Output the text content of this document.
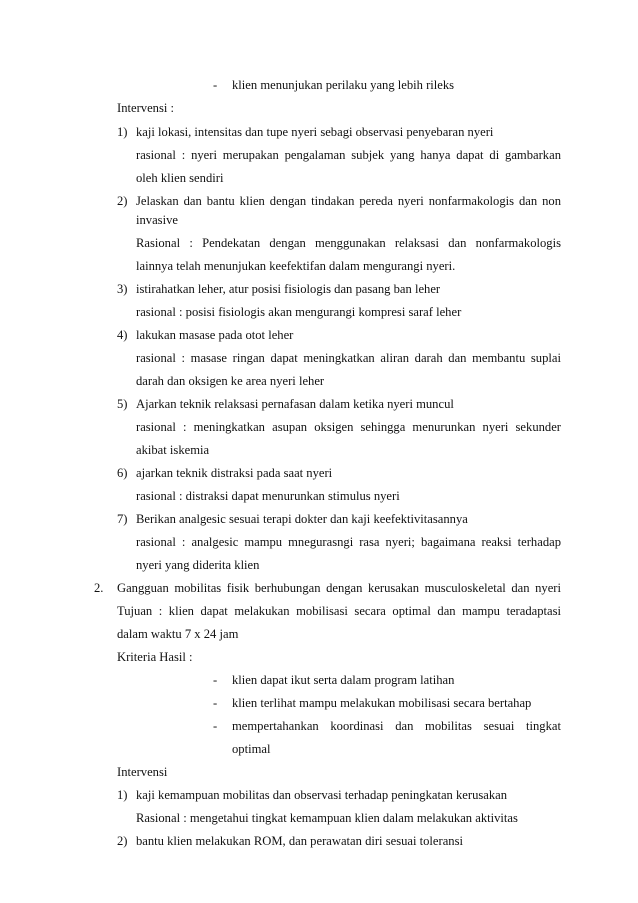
- klien menunjukan perilaku yang lebih rileks
Intervensi :
1) kaji lokasi, intensitas dan tupe nyeri sebagi observasi penyebaran nyeri
rasional : nyeri merupakan pengalaman subjek yang hanya dapat di gambarkan
oleh klien sendiri
2) Jelaskan dan bantu klien dengan tindakan pereda nyeri nonfarmakologis dan non
invasive
Rasional : Pendekatan dengan menggunakan relaksasi dan nonfarmakologis
lainnya telah menunjukan keefektifan dalam mengurangi nyeri.
3) istirahatkan leher, atur posisi fisiologis dan pasang ban leher
rasional : posisi fisiologis akan mengurangi kompresi saraf leher
4) lakukan masase pada otot leher
rasional : masase ringan dapat meningkatkan aliran darah dan membantu suplai
darah dan oksigen ke area nyeri leher
5) Ajarkan teknik relaksasi pernafasan dalam ketika nyeri muncul
rasional : meningkatkan asupan oksigen sehingga menurunkan nyeri sekunder
akibat iskemia
6) ajarkan teknik distraksi pada saat nyeri
rasional : distraksi dapat menurunkan stimulus nyeri
7) Berikan analgesic sesuai terapi dokter dan kaji keefektivitasannya
rasional : analgesic mampu mnegurasngi rasa nyeri; bagaimana reaksi terhadap
nyeri yang diderita klien
2. Gangguan mobilitas fisik berhubungan dengan kerusakan musculoskeletal dan nyeri
Tujuan : klien dapat melakukan mobilisasi secara optimal dan mampu teradaptasi
dalam waktu 7 x 24 jam
Kriteria Hasil :
- klien dapat ikut serta dalam program latihan
- klien terlihat mampu melakukan mobilisasi secara bertahap
- mempertahankan koordinasi dan mobilitas sesuai tingkat
optimal
Intervensi
1) kaji kemampuan mobilitas dan observasi terhadap peningkatan kerusakan
Rasional : mengetahui tingkat kemampuan klien dalam melakukan aktivitas
2) bantu klien melakukan ROM, dan perawatan diri sesuai toleransi
